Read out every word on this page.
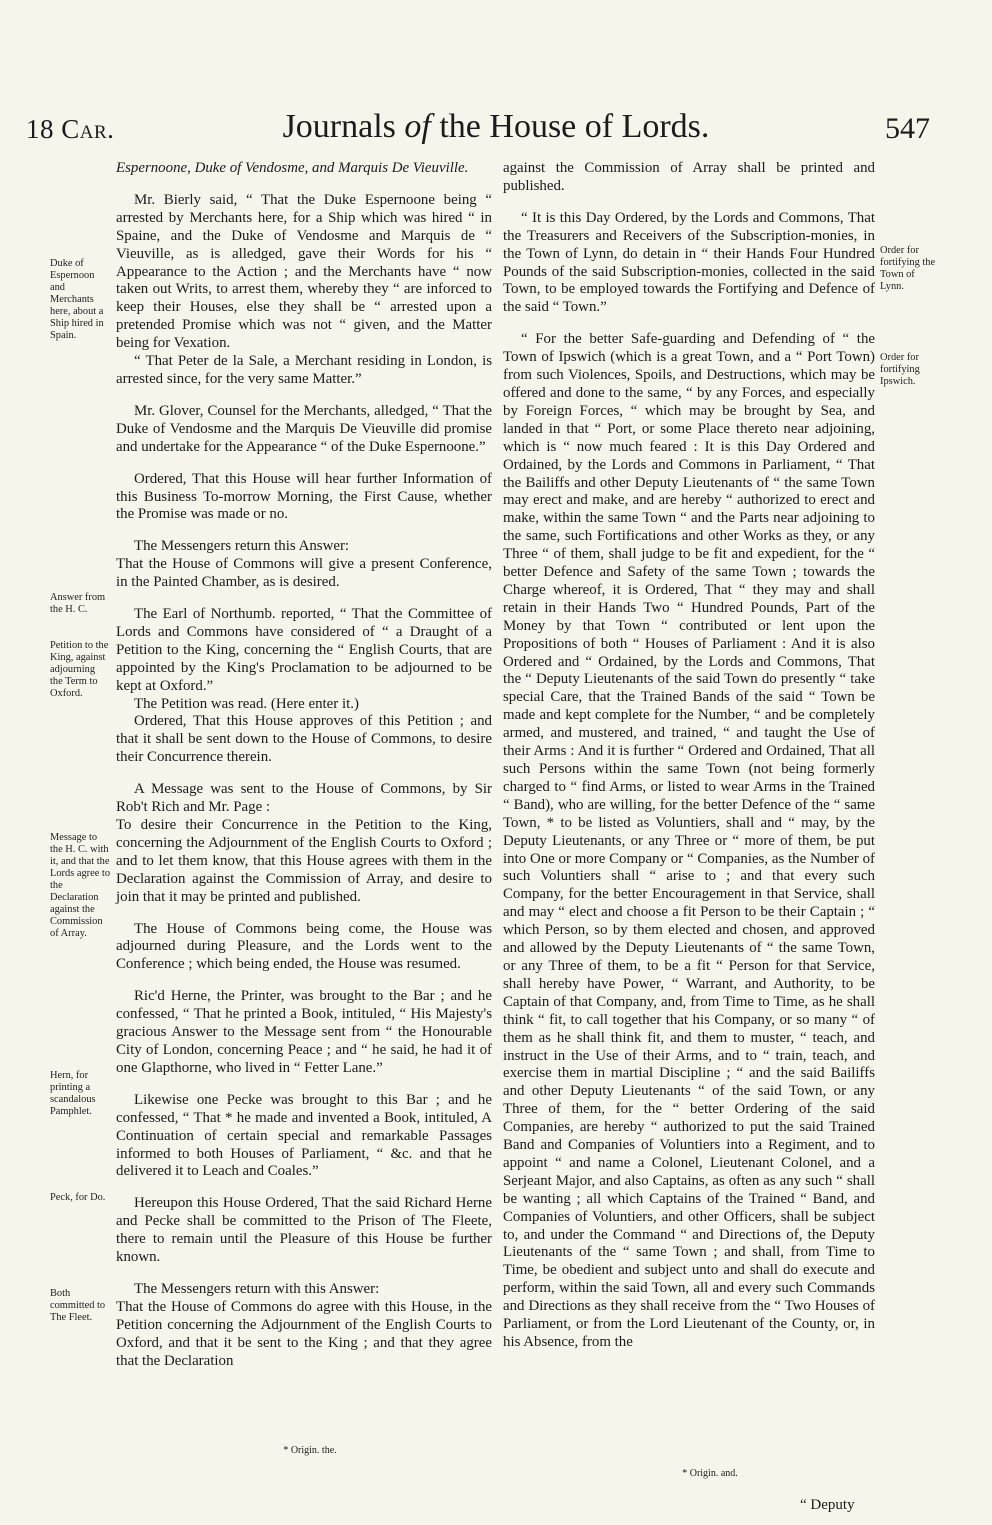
18 Car.	Journals of the House of Lords.	547

Espernoone, Duke of Vendosme, and Marquis De Vieuville.

Mr. Bierly said, “ That the Duke Espernoone being “ arrested by Merchants here, for a Ship which was hired “ in Spaine, and the Duke of Vendosme and Marquis de “ Vieuville, as is alledged, gave their Words for his “ Appearance to the Action ; and the Merchants have “ now taken out Writs, to arrest them, whereby they “ are inforced to keep their Houses, else they shall be “ arrested upon a pretended Promise which was not “ given, and the Matter being for Vexation.

“ That Peter de la Sale, a Merchant residing in London, is arrested since, for the very same Matter.”

Mr. Glover, Counsel for the Merchants, alledged, “ That the Duke of Vendosme and the Marquis De Vieuville did promise and undertake for the Appearance “ of the Duke Espernoone.”

Ordered, That this House will hear further Information of this Business To-morrow Morning, the First Cause, whether the Promise was made or no.

The Messengers return this Answer:

That the House of Commons will give a present Conference, in the Painted Chamber, as is desired.

The Earl of Northumb. reported, “ That the Committee of Lords and Commons have considered of “ a Draught of a Petition to the King, concerning the “ English Courts, that are appointed by the King's Proclamation to be adjourned to be kept at Oxford.”

The Petition was read. (Here enter it.)

Ordered, That this House approves of this Petition ; and that it shall be sent down to the House of Commons, to desire their Concurrence therein.

A Message was sent to the House of Commons, by Sir Rob't Rich and Mr. Page :

To desire their Concurrence in the Petition to the King, concerning the Adjournment of the English Courts to Oxford ; and to let them know, that this House agrees with them in the Declaration against the Commission of Array, and desire to join that it may be printed and published.

The House of Commons being come, the House was adjourned during Pleasure, and the Lords went to the Conference ; which being ended, the House was resumed.

Ric'd Herne, the Printer, was brought to the Bar ; and he confessed, “ That he printed a Book, intituled, “ His Majesty's gracious Answer to the Message sent from “ the Honourable City of London, concerning Peace ; and “ he said, he had it of one Glapthorne, who lived in “ Fetter Lane.”

Likewise one Pecke was brought to this Bar ; and he confessed, “ That * he made and invented a Book, intituled, A Continuation of certain special and remarkable Passages informed to both Houses of Parliament, “ &c. and that he delivered it to Leach and Coales.”

Hereupon this House Ordered, That the said Richard Herne and Pecke shall be committed to the Prison of The Fleete, there to remain until the Pleasure of this House be further known.

The Messengers return with this Answer:

That the House of Commons do agree with this House, in the Petition concerning the Adjournment of the English Courts to Oxford, and that it be sent to the King ; and that they agree that the Declaration

against the Commission of Array shall be printed and published.

“ It is this Day Ordered, by the Lords and Commons, That the Treasurers and Receivers of the Subscription-monies, in the Town of Lynn, do detain in “ their Hands Four Hundred Pounds of the said Subscription-monies, collected in the said Town, to be employed towards the Fortifying and Defence of the said “ Town.”

“ For the better Safe-guarding and Defending of “ the Town of Ipswich (which is a great Town, and a “ Port Town) from such Violences, Spoils, and Destructions, which may be offered and done to the same, “ by any Forces, and especially by Foreign Forces, “ which may be brought by Sea, and landed in that “ Port, or some Place thereto near adjoining, which is “ now much feared : It is this Day Ordered and Ordained, by the Lords and Commons in Parliament, “ That the Bailiffs and other Deputy Lieutenants of “ the same Town may erect and make, and are hereby “ authorized to erect and make, within the same Town “ and the Parts near adjoining to the same, such Fortifications and other Works as they, or any Three “ of them, shall judge to be fit and expedient, for the “ better Defence and Safety of the same Town ; towards the Charge whereof, it is Ordered, That “ they may and shall retain in their Hands Two “ Hundred Pounds, Part of the Money by that Town “ contributed or lent upon the Propositions of both “ Houses of Parliament : And it is also Ordered and “ Ordained, by the Lords and Commons, That the “ Deputy Lieutenants of the said Town do presently “ take special Care, that the Trained Bands of the said “ Town be made and kept complete for the Number, “ and be completely armed, and mustered, and trained, “ and taught the Use of their Arms : And it is further “ Ordered and Ordained, That all such Persons within the same Town (not being formerly charged to “ find Arms, or listed to wear Arms in the Trained “ Band), who are willing, for the better Defence of the “ same Town, * to be listed as Voluntiers, shall and “ may, by the Deputy Lieutenants, or any Three or “ more of them, be put into One or more Company or “ Companies, as the Number of such Voluntiers shall “ arise to ; and that every such Company, for the better Encouragement in that Service, shall and may “ elect and choose a fit Person to be their Captain ; “ which Person, so by them elected and chosen, and approved and allowed by the Deputy Lieutenants of “ the same Town, or any Three of them, to be a fit “ Person for that Service, shall hereby have Power, “ Warrant, and Authority, to be Captain of that Company, and, from Time to Time, as he shall think “ fit, to call together that his Company, or so many “ of them as he shall think fit, and them to muster, “ teach, and instruct in the Use of their Arms, and to “ train, teach, and exercise them in martial Discipline ; “ and the said Bailiffs and other Deputy Lieutenants “ of the said Town, or any Three of them, for the “ better Ordering of the said Companies, are hereby “ authorized to put the said Trained Band and Companies of Voluntiers into a Regiment, and to appoint “ and name a Colonel, Lieutenant Colonel, and a Serjeant Major, and also Captains, as often as any such “ shall be wanting ; all which Captains of the Trained “ Band, and Companies of Voluntiers, and other Officers, shall be subject to, and under the Command “ and Directions of, the Deputy Lieutenants of the “ same Town ; and shall, from Time to Time, be obedient and subject unto and shall do execute and perform, within the said Town, all and every such Commands and Directions as they shall receive from the “ Two Houses of Parliament, or from the Lord Lieutenant of the County, or, in his Absence, from the

Duke of Espernoon and Merchants here, about a Ship hired in Spain.
Answer from the H. C.
Petition to the King, against adjourning the Term to Oxford.
Message to the H. C. with it, and that the Lords agree to the Declaration against the Commission of Array.
Hern, for printing a scandalous Pamphlet.
Peck, for Do.
Both committed to The Fleet.
Order for fortifying the Town of Lynn.
Order for fortifying Ipswich.
* Origin. the.
* Origin. and.
“ Deputy
